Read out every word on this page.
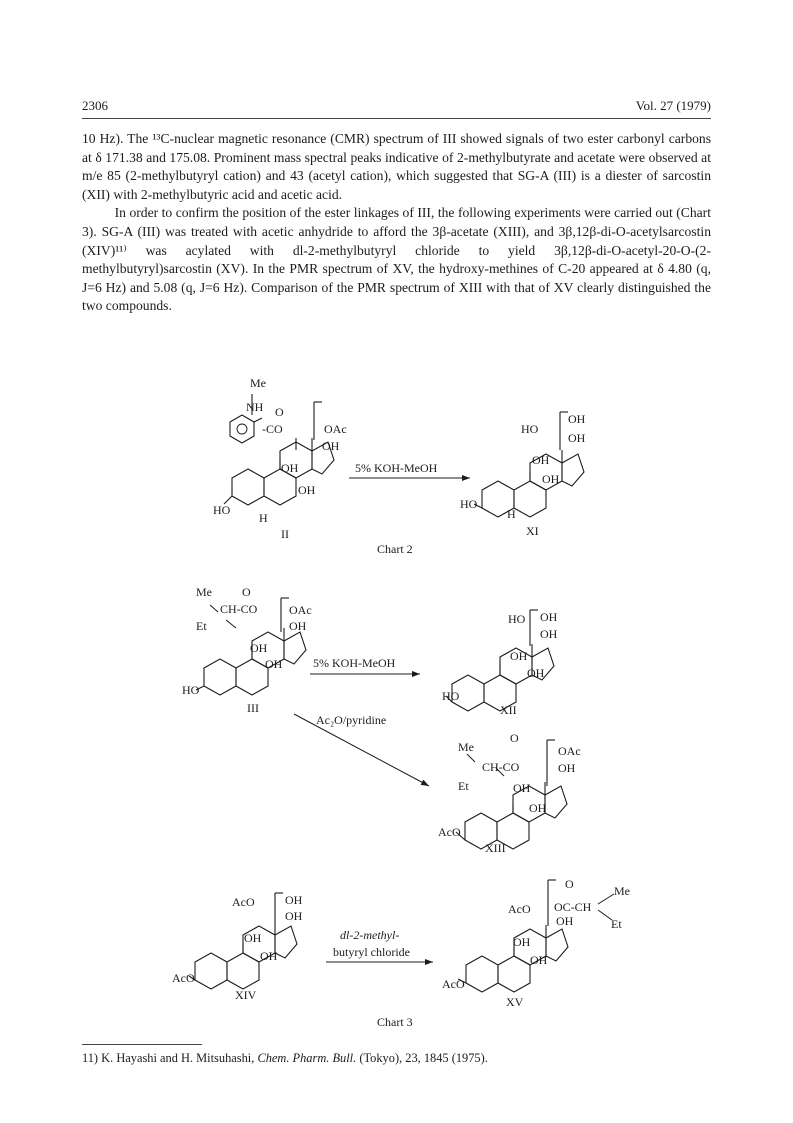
2306	Vol. 27 (1979)

10 Hz). The ¹³C-nuclear magnetic resonance (CMR) spectrum of III showed signals of two ester carbonyl carbons at δ 171.38 and 175.08. Prominent mass spectral peaks indicative of 2-methylbutyrate and acetate were observed at m/e 85 (2-methylbutyryl cation) and 43 (acetyl cation), which suggested that SG-A (III) is a diester of sarcostin (XII) with 2-methylbutyric acid and acetic acid.

In order to confirm the position of the ester linkages of III, the following experiments were carried out (Chart 3). SG-A (III) was treated with acetic anhydride to afford the 3β-acetate (XIII), and 3β,12β-di-O-acetylsarcostin (XIV)¹¹⁾ was acylated with dl-2-methylbutyryl chloride to yield 3β,12β-di-O-acetyl-20-O-(2-methylbutyryl)sarcostin (XV). In the PMR spectrum of XV, the hydroxy-methines of C-20 appeared at δ 4.80 (q, J=6 Hz) and 5.08 (q, J=6 Hz). Comparison of the PMR spectrum of XIII with that of XV clearly distinguished the two compounds.

Me
NH O
-CO	OAc
OH
OH
OH
HO
H
II
5% KOH-MeOH
HO
OH
OH
OH
OH
HO
H
XI
Chart 2
Me	O
CH-CO
Et
OAc
OH
OH
OH
HO
III
5% KOH-MeOH
HO OH
OH
OH
OH
HO
XII
Ac₂O/pyridine
Me
O
CH-CO
Et
OAc
OH
OH
OH
AcO
XIII
AcO	OH
OH
OH
OH
AcO
XIV
dl-2-methyl-
butyryl chloride
O	Me
OC-CH
Et
AcO
OH
OH
OH
AcO
XV
Chart 3
11) K. Hayashi and H. Mitsuhashi, Chem. Pharm. Bull. (Tokyo), 23, 1845 (1975).
